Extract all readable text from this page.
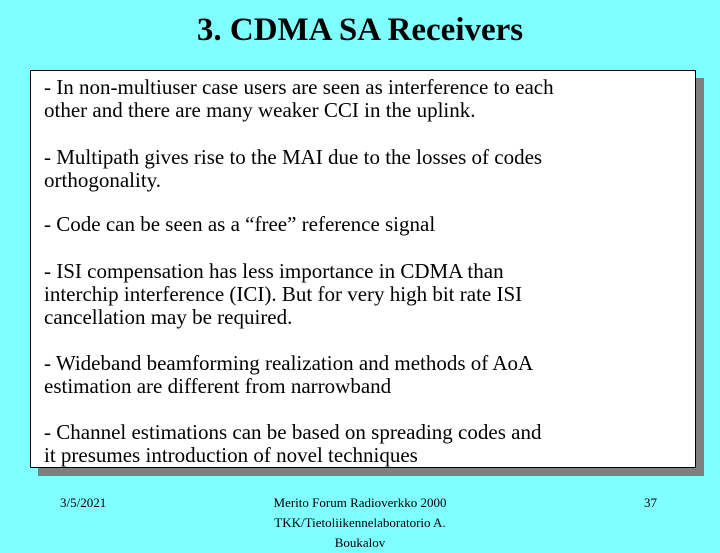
3. CDMA SA Receivers

- In non-multiuser case users are seen as interference to each
other and there are many weaker CCI in the uplink.

- Multipath gives rise to the MAI due to the losses of codes
orthogonality.

- Code can be seen as a “free” reference signal

- ISI compensation has less importance in CDMA than
interchip interference (ICI). But for very high bit rate ISI
cancellation may be required.

- Wideband beamforming realization and methods of AoA
estimation are different from narrowband

- Channel estimations can be based on spreading codes and
it presumes introduction of novel techniques

3/5/2021	Merito Forum Radioverkko 2000 TKK/Tietoliikennelaboratorio A. Boukalov
37
